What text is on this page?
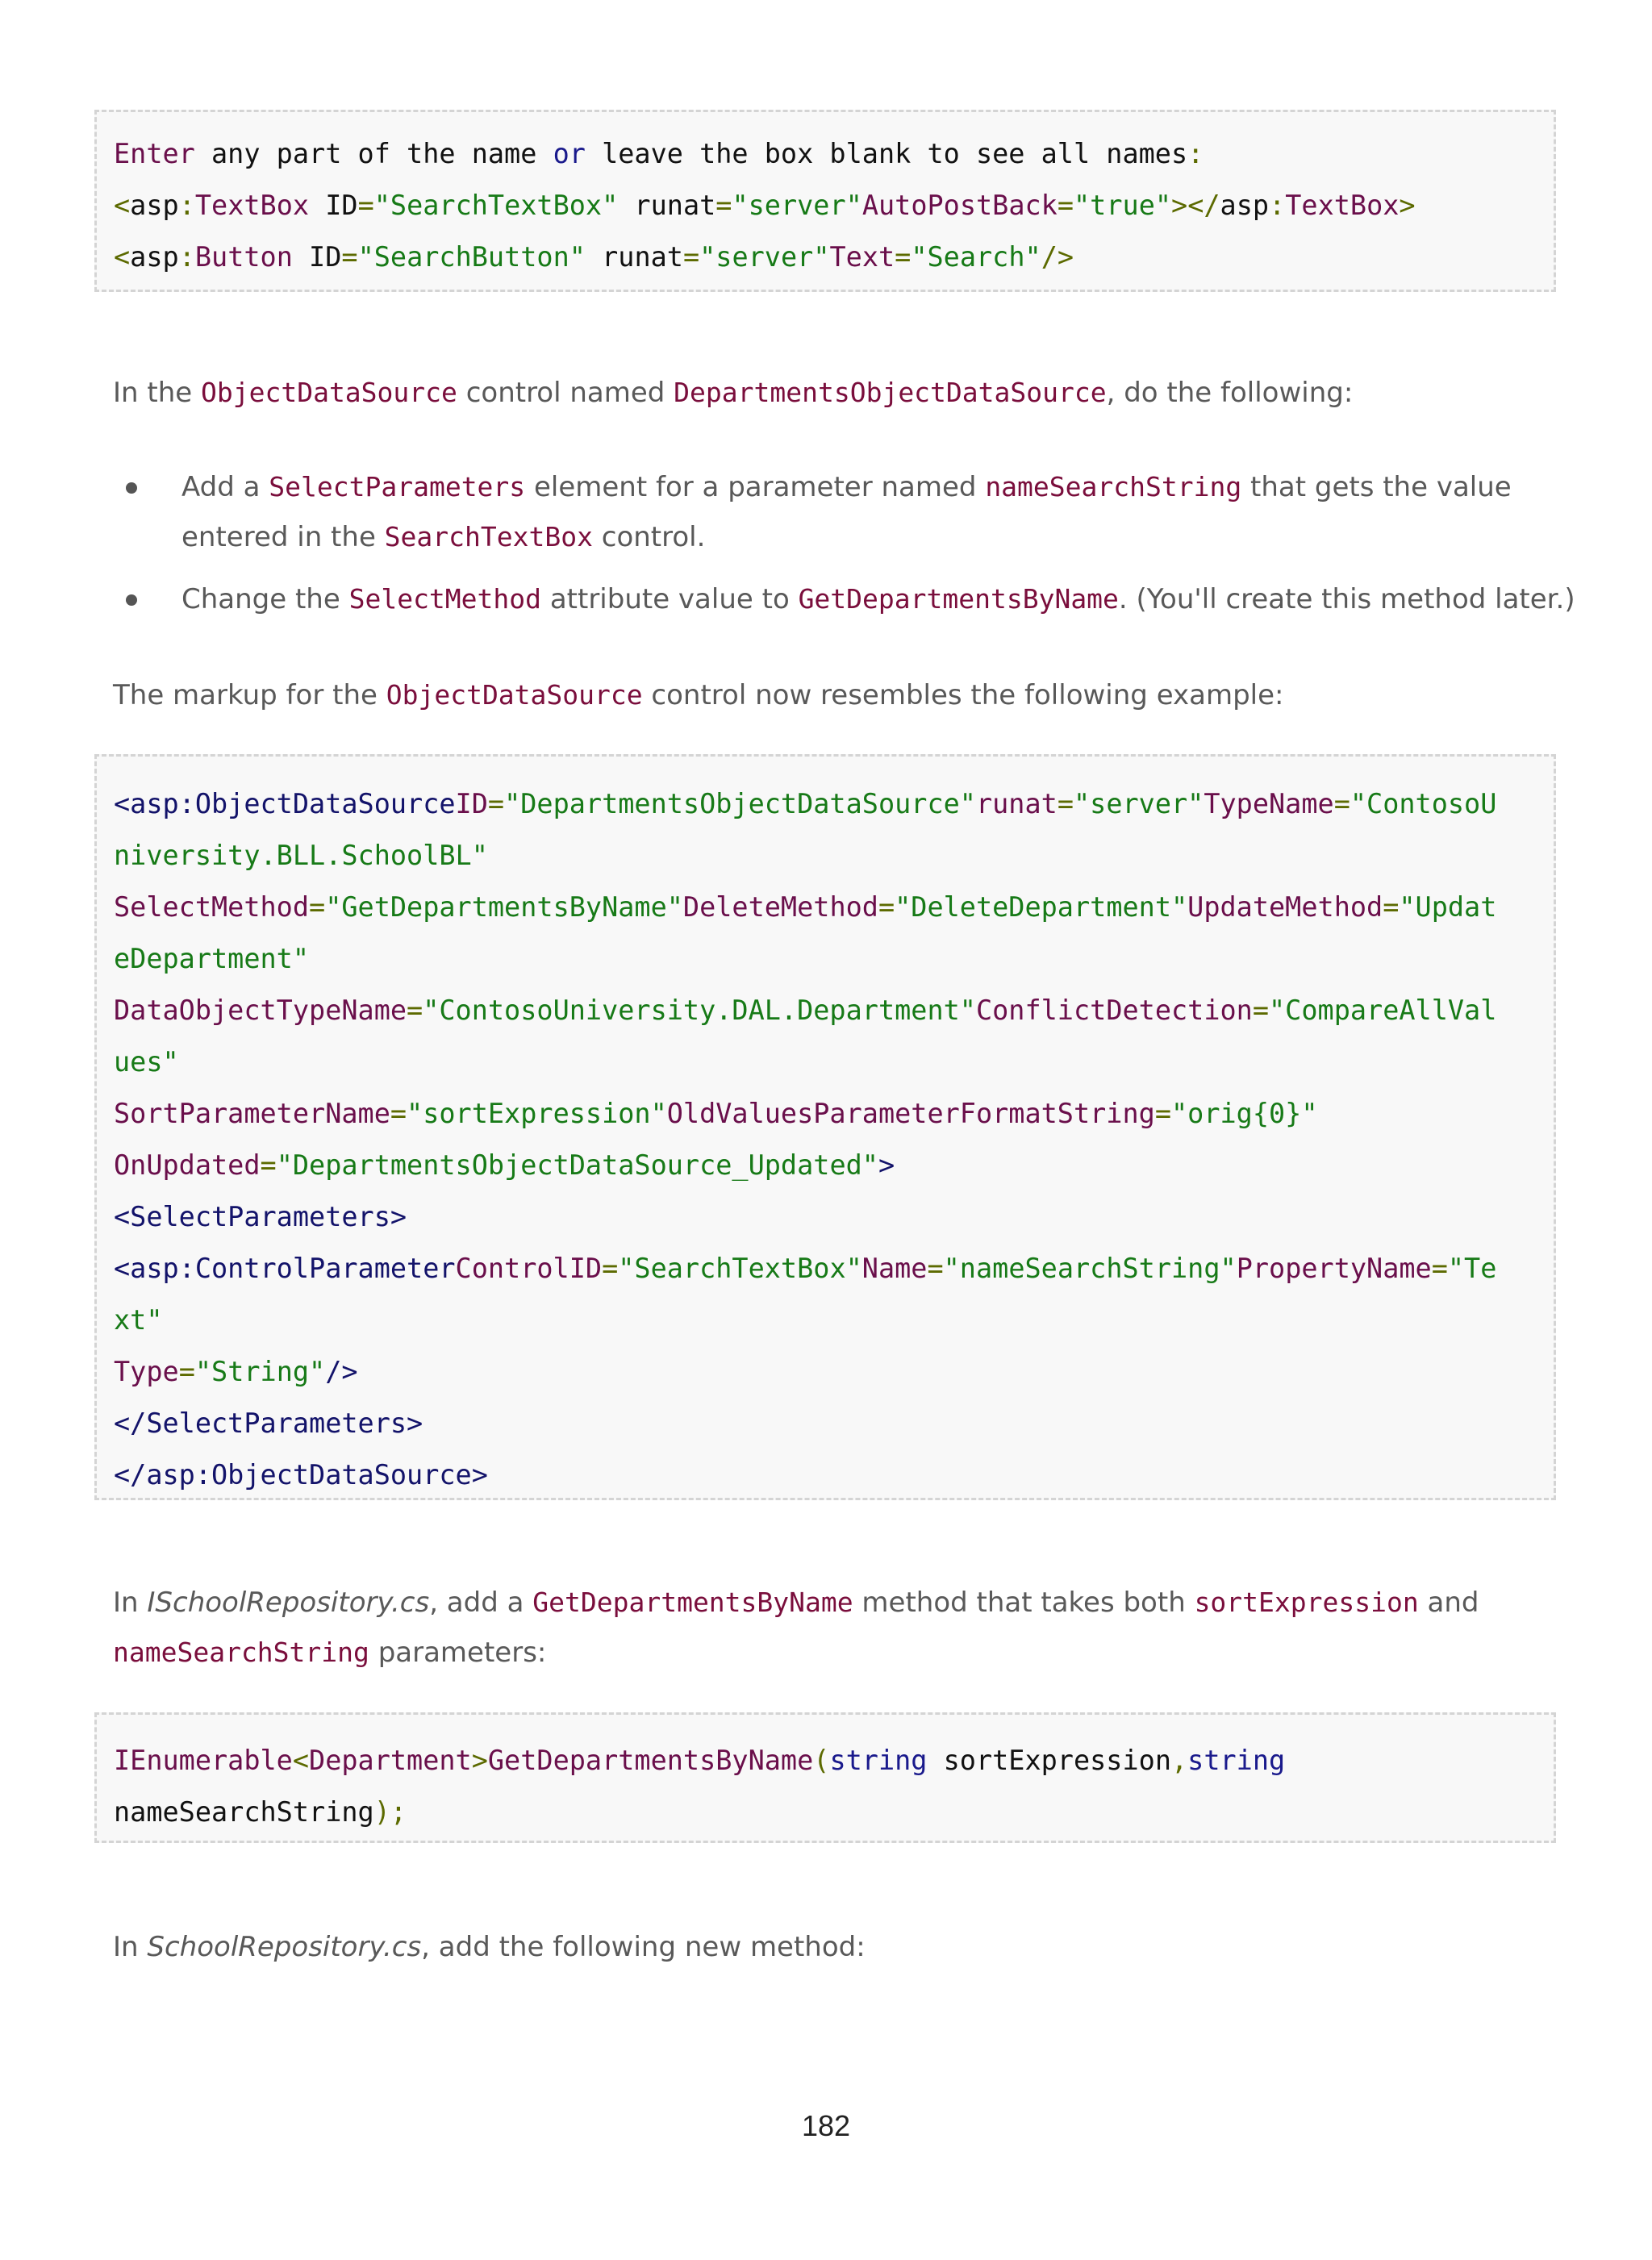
Enter any part of the name or leave the box blank to see all names:
<asp:TextBox ID="SearchTextBox" runat="server"AutoPostBack="true"></asp:TextBox>
<asp:Button ID="SearchButton" runat="server"Text="Search"/>
In the ObjectDataSource control named DepartmentsObjectDataSource, do the following:
Add a SelectParameters element for a parameter named nameSearchString that gets the value
entered in the SearchTextBox control.
Change the SelectMethod attribute value to GetDepartmentsByName. (You'll create this method later.)
The markup for the ObjectDataSource control now resembles the following example:
<asp:ObjectDataSourceID="DepartmentsObjectDataSource"runat="server"TypeName="ContosoU
niversity.BLL.SchoolBL"
SelectMethod="GetDepartmentsByName"DeleteMethod="DeleteDepartment"UpdateMethod="Updat
eDepartment"
DataObjectTypeName="ContosoUniversity.DAL.Department"ConflictDetection="CompareAllVal
ues"
SortParameterName="sortExpression"OldValuesParameterFormatString="orig{0}"
OnUpdated="DepartmentsObjectDataSource_Updated">
<SelectParameters>
<asp:ControlParameterControlID="SearchTextBox"Name="nameSearchString"PropertyName="Te
xt"
Type="String"/>
</SelectParameters>
</asp:ObjectDataSource>
In ISchoolRepository.cs, add a GetDepartmentsByName method that takes both sortExpression and
nameSearchString parameters:
IEnumerable<Department>GetDepartmentsByName(string sortExpression,string
nameSearchString);
In SchoolRepository.cs, add the following new method:
182
